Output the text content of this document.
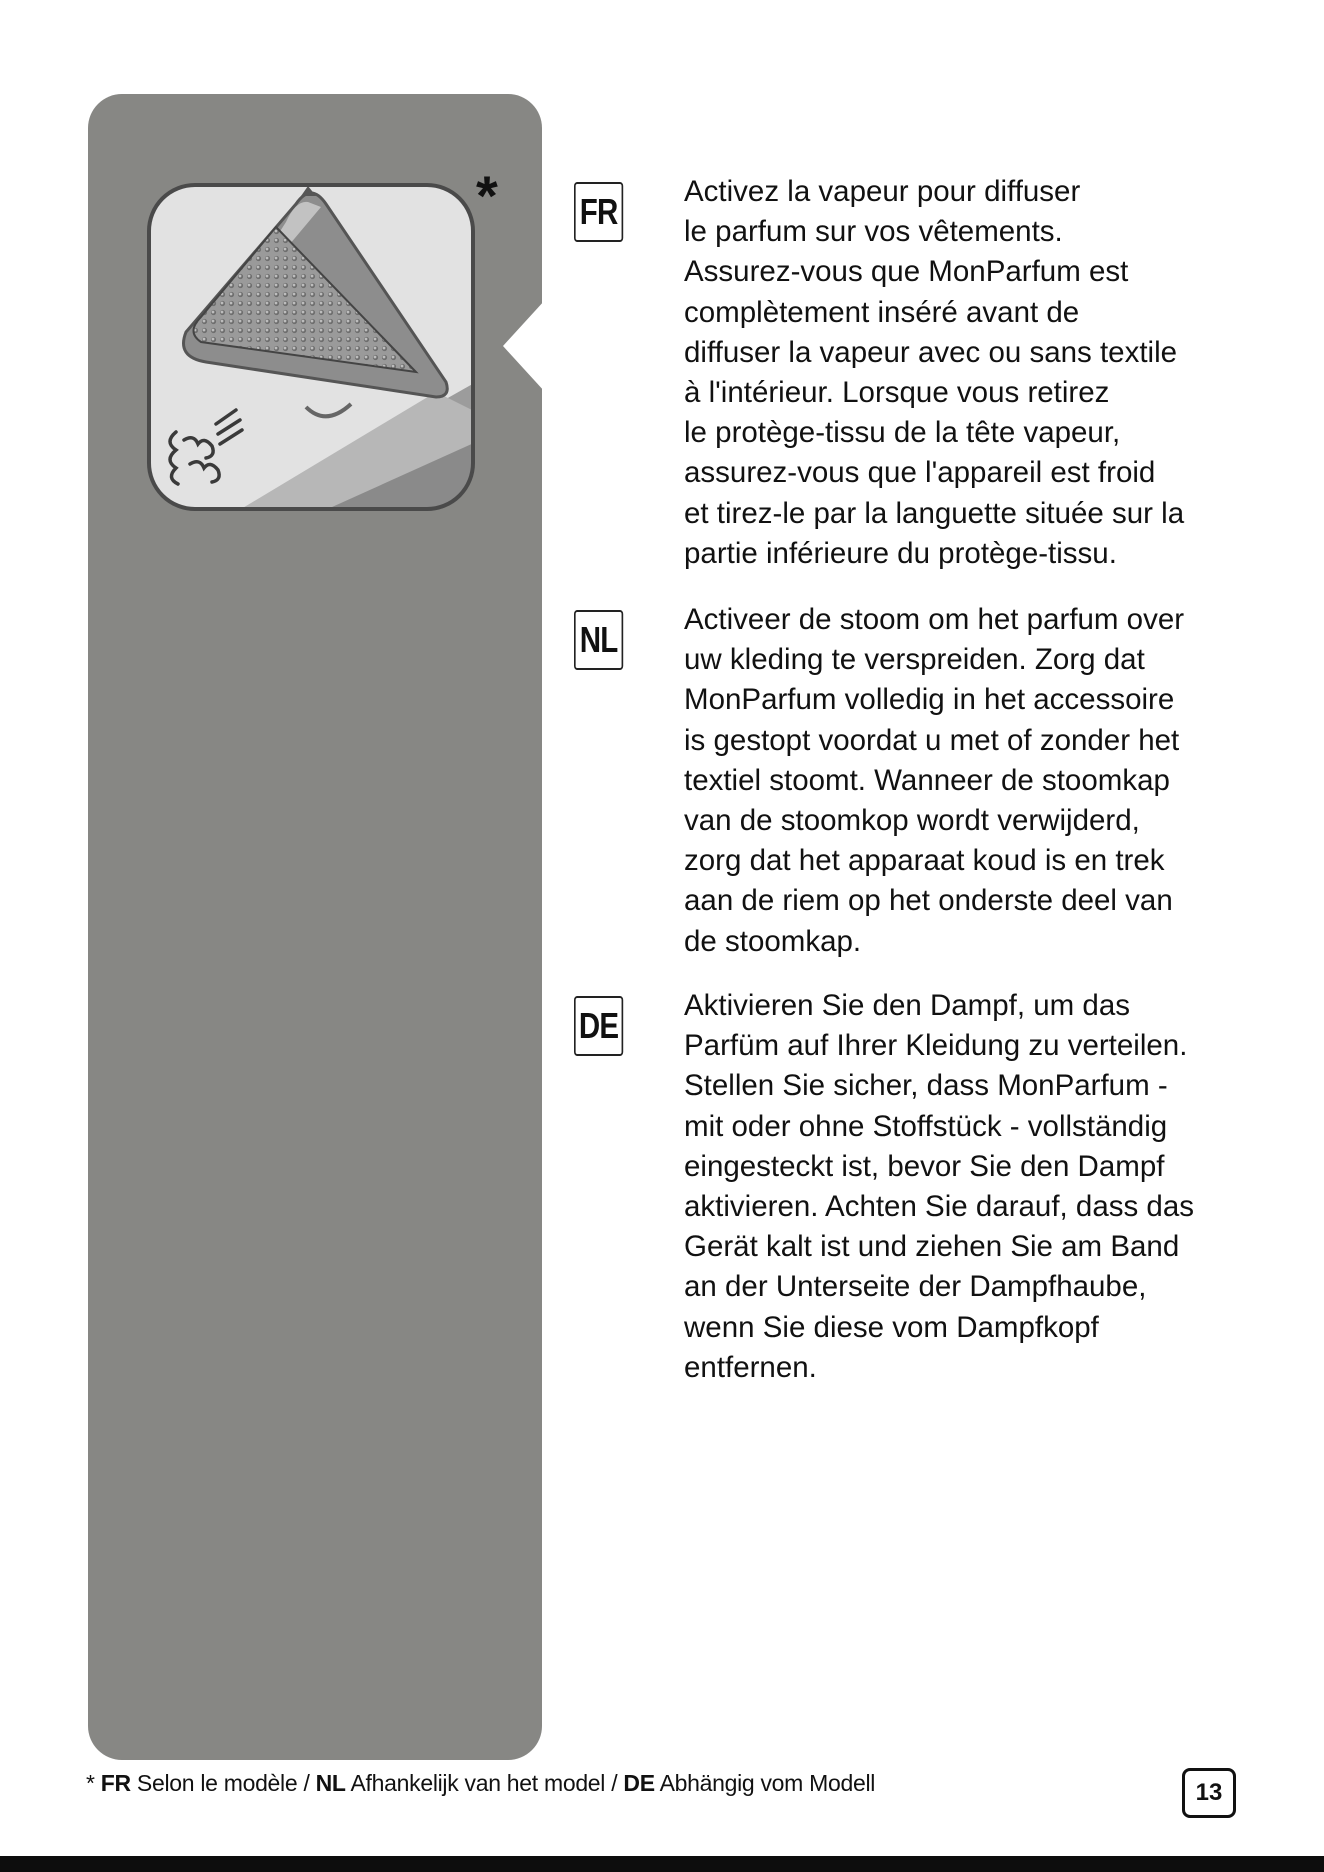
* FR Activez la vapeur pour diffuser
le parfum sur vos vêtements.
Assurez-vous que MonParfum est
complètement inséré avant de
diffuser la vapeur avec ou sans textile
à l'intérieur. Lorsque vous retirez
le protège-tissu de la tête vapeur,
assurez-vous que l'appareil est froid
et tirez-le par la languette située sur la
partie inférieure du protège-tissu.

NL Activeer de stoom om het parfum over
uw kleding te verspreiden. Zorg dat
MonParfum volledig in het accessoire
is gestopt voordat u met of zonder het
textiel stoomt. Wanneer de stoomkap
van de stoomkop wordt verwijderd,
zorg dat het apparaat koud is en trek
aan de riem op het onderste deel van
de stoomkap.

DE Aktivieren Sie den Dampf, um das
Parfüm auf Ihrer Kleidung zu verteilen.
Stellen Sie sicher, dass MonParfum -
mit oder ohne Stoffstück - vollständig
eingesteckt ist, bevor Sie den Dampf
aktivieren. Achten Sie darauf, dass das
Gerät kalt ist und ziehen Sie am Band
an der Unterseite der Dampfhaube,
wenn Sie diese vom Dampfkopf
entfernen.

* FR Selon le modèle / NL Afhankelijk van het model / DE Abhängig vom Modell	13
